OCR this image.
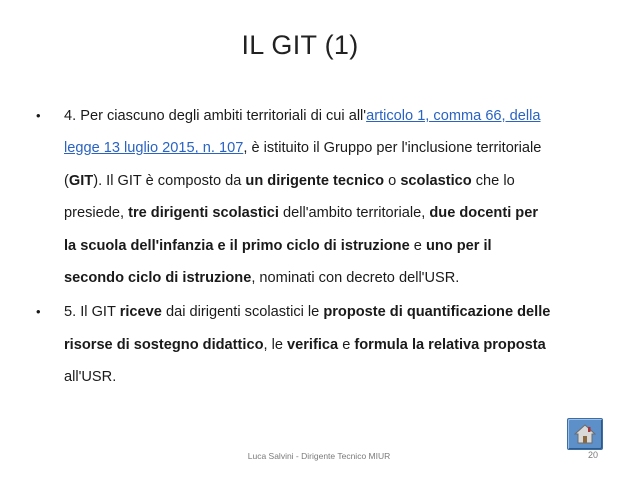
IL GIT (1)
• 4. Per ciascuno degli ambiti territoriali di cui all'articolo 1, comma 66, della legge 13 luglio 2015, n. 107, è istituito il Gruppo per l'inclusione territoriale (GIT). Il GIT è composto da un dirigente tecnico o scolastico che lo presiede, tre dirigenti scolastici dell'ambito territoriale, due docenti per la scuola dell'infanzia e il primo ciclo di istruzione e uno per il secondo ciclo di istruzione, nominati con decreto dell'USR.
• 5. Il GIT riceve dai dirigenti scolastici le proposte di quantificazione delle risorse di sostegno didattico, le verifica e formula la relativa proposta all'USR.
Luca Salvini - Dirigente Tecnico MIUR	20
